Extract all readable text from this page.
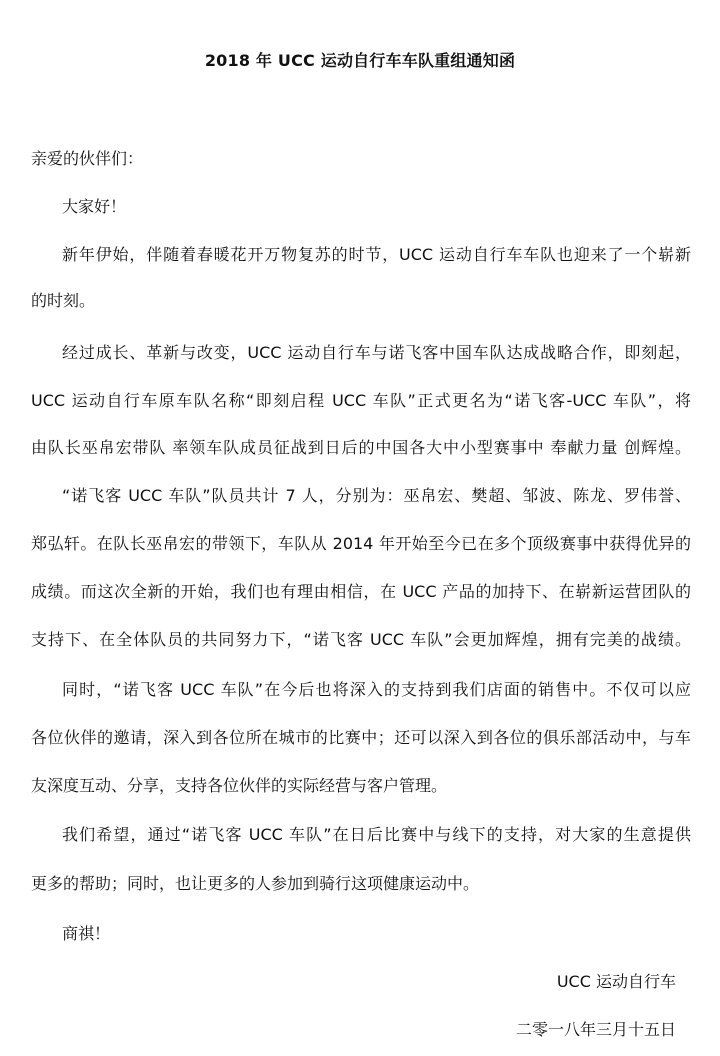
2018 年 UCC 运动自行车车队重组通知函
亲爱的伙伴们：
大家好！
新年伊始，伴随着春暖花开万物复苏的时节，UCC 运动自行车车队也迎来了一个崭新
的时刻。
经过成长、革新与改变，UCC 运动自行车与诺飞客中国车队达成战略合作，即刻起，
UCC 运动自行车原车队名称“即刻启程 UCC 车队”正式更名为“诺飞客-UCC 车队”，将
由队长巫帛宏带队 率领车队成员征战到日后的中国各大中小型赛事中 奉献力量 创辉煌。
“诺飞客 UCC 车队”队员共计 7 人，分别为：巫帛宏、樊超、邹波、陈龙、罗伟誉、
郑弘轩。在队长巫帛宏的带领下，车队从 2014 年开始至今已在多个顶级赛事中获得优异的
成绩。而这次全新的开始，我们也有理由相信，在 UCC 产品的加持下、在崭新运营团队的
支持下、在全体队员的共同努力下，“诺飞客 UCC 车队”会更加辉煌，拥有完美的战绩。
同时，“诺飞客 UCC 车队”在今后也将深入的支持到我们店面的销售中。不仅可以应
各位伙伴的邀请，深入到各位所在城市的比赛中；还可以深入到各位的俱乐部活动中，与车
友深度互动、分享，支持各位伙伴的实际经营与客户管理。
我们希望，通过“诺飞客 UCC 车队”在日后比赛中与线下的支持，对大家的生意提供
更多的帮助；同时，也让更多的人参加到骑行这项健康运动中。
商祺！
UCC 运动自行车
二零一八年三月十五日
